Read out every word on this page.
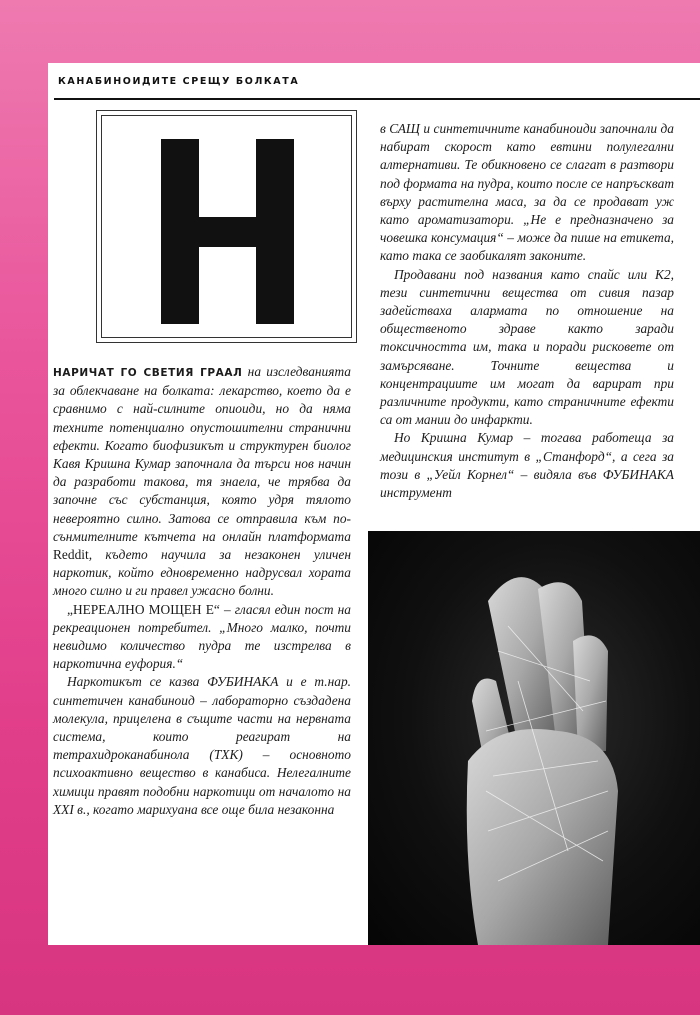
КАНАБИНОИДИТЕ СРЕЩУ БОЛКАТА

НАРИЧАТ ГО СВЕТИЯ ГРААЛ на изследванията за облекчаване на болката: лекарство, което да е сравнимо с най-силните опиоиди, но да няма техните потенциално опустошителни странични ефекти. Когато биофизикът и структурен биолог Кавя Кришна Кумар започнала да търси нов начин да разработи такова, тя знаела, че трябва да започне със субстанция, която удря тялото невероятно силно. Затова се отправила към по-сънмителните кътчета на онлайн платформата Reddit, където научила за незаконен уличен наркотик, който едновременно надрусвал хората много силно и ги правел ужасно болни.

„НЕРЕАЛНО МОЩЕН Е“ – гласял един пост на рекреационен потребител. „Много малко, почти невидимо количество пудра те изстрелва в наркотична еуфория.“

Наркотикът се казва ФУБИНАКА и е т.нар. синтетичен канабиноид – лабораторно създадена молекула, прицелена в същите части на нервната система, които реагират на тетрахидроканабинола (ТХК) – основното психоактивно вещество в канабиса. Нелегалните химици правят подобни наркотици от началото на XXI в., когато марихуана все още била незаконна

в САЩ и синтетичните канабиноиди започнали да набират скорост като евтини полулегални алтернативи. Те обикновено се слагат в разтвори под формата на пудра, които после се напръскват върху растителна маса, за да се продават уж като ароматизатори. „Не е предназначено за човешка консумация“ – може да пише на етикета, като така се заобикалят законите.

Продавани под названия като спайс или К2, тези синтетични вещества от сивия пазар задействаха алармата по отношение на общественото здраве както заради токсичността им, така и поради рисковете от замърсяване. Точните вещества и концентрациите им могат да варират при различните продукти, като страничните ефекти са от мании до инфаркти.

Но Кришна Кумар – тогава работеща за медицинския институт в „Станфорд“, а сега за този в „Уейл Корнел“ – видяла във ФУБИНАКА инструмент
